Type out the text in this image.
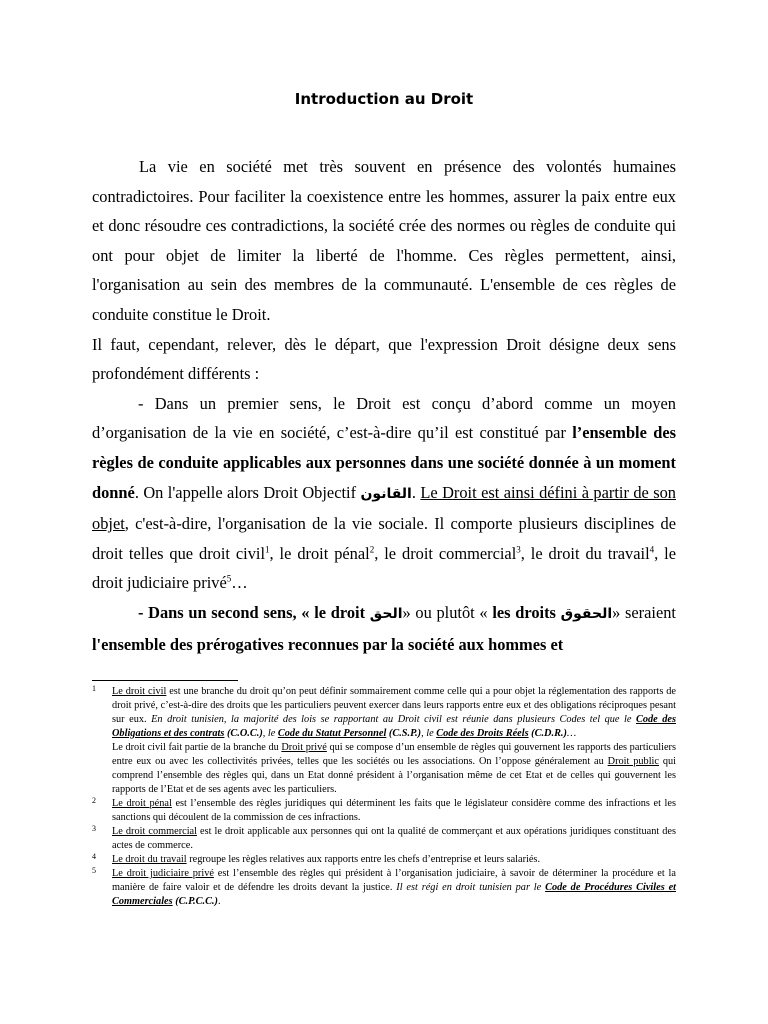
Introduction au Droit

La vie en société met très souvent en présence des volontés humaines contradictoires. Pour faciliter la coexistence entre les hommes, assurer la paix entre eux et donc résoudre ces contradictions, la société crée des normes ou règles de conduite qui ont pour objet de limiter la liberté de l'homme. Ces règles permettent, ainsi, l'organisation au sein des membres de la communauté. L'ensemble de ces règles de conduite constitue le Droit.

Il faut, cependant, relever, dès le départ, que l'expression Droit désigne deux sens profondément différents :

- Dans un premier sens, le Droit est conçu d’abord comme un moyen d’organisation de la vie en société, c’est-à-dire qu’il est constitué par l’ensemble des règles de conduite applicables aux personnes dans une société donnée à un moment donné. On l'appelle alors Droit Objectif القانون. Le Droit est ainsi défini à partir de son objet, c'est-à-dire, l'organisation de la vie sociale. Il comporte plusieurs disciplines de droit telles que droit civil$^1$, le droit pénal$^2$, le droit commercial$^3$, le droit du travail$^4$, le droit judiciaire privé$^5$…

- Dans un second sens, « le droit الحق» ou plutôt « les droits الحقوق» seraient l'ensemble des prérogatives reconnues par la société aux hommes et

1 Le droit civil est une branche du droit qu’on peut définir sommairement comme celle qui a pour objet la réglementation des rapports de droit privé, c’est-à-dire des droits que les particuliers peuvent exercer dans leurs rapports entre eux et des obligations réciproques pesant sur eux. En droit tunisien, la majorité des lois se rapportant au Droit civil est réunie dans plusieurs Codes tel que le Code des Obligations et des contrats (C.O.C.), le Code du Statut Personnel (C.S.P.), le Code des Droits Réels (C.D.R.)…
Le droit civil fait partie de la branche du Droit privé qui se compose d’un ensemble de règles qui gouvernent les rapports des particuliers entre eux ou avec les collectivités privées, telles que les sociétés ou les associations. On l’oppose généralement au Droit public qui comprend l’ensemble des règles qui, dans un Etat donné président à l’organisation même de cet Etat et de celles qui gouvernent les rapports de l’Etat et de ses agents avec les particuliers.
2 Le droit pénal est l’ensemble des règles juridiques qui déterminent les faits que le législateur considère comme des infractions et les sanctions qui découlent de la commission de ces infractions.
3 Le droit commercial est le droit applicable aux personnes qui ont la qualité de commerçant et aux opérations juridiques constituant des actes de commerce.
4 Le droit du travail regroupe les règles relatives aux rapports entre les chefs d’entreprise et leurs salariés.
5 Le droit judiciaire privé est l’ensemble des règles qui président à l’organisation judiciaire, à savoir de déterminer la procédure et la manière de faire valoir et de défendre les droits devant la justice. Il est régi en droit tunisien par le Code de Procédures Civiles et Commerciales (C.P.C.C.).
